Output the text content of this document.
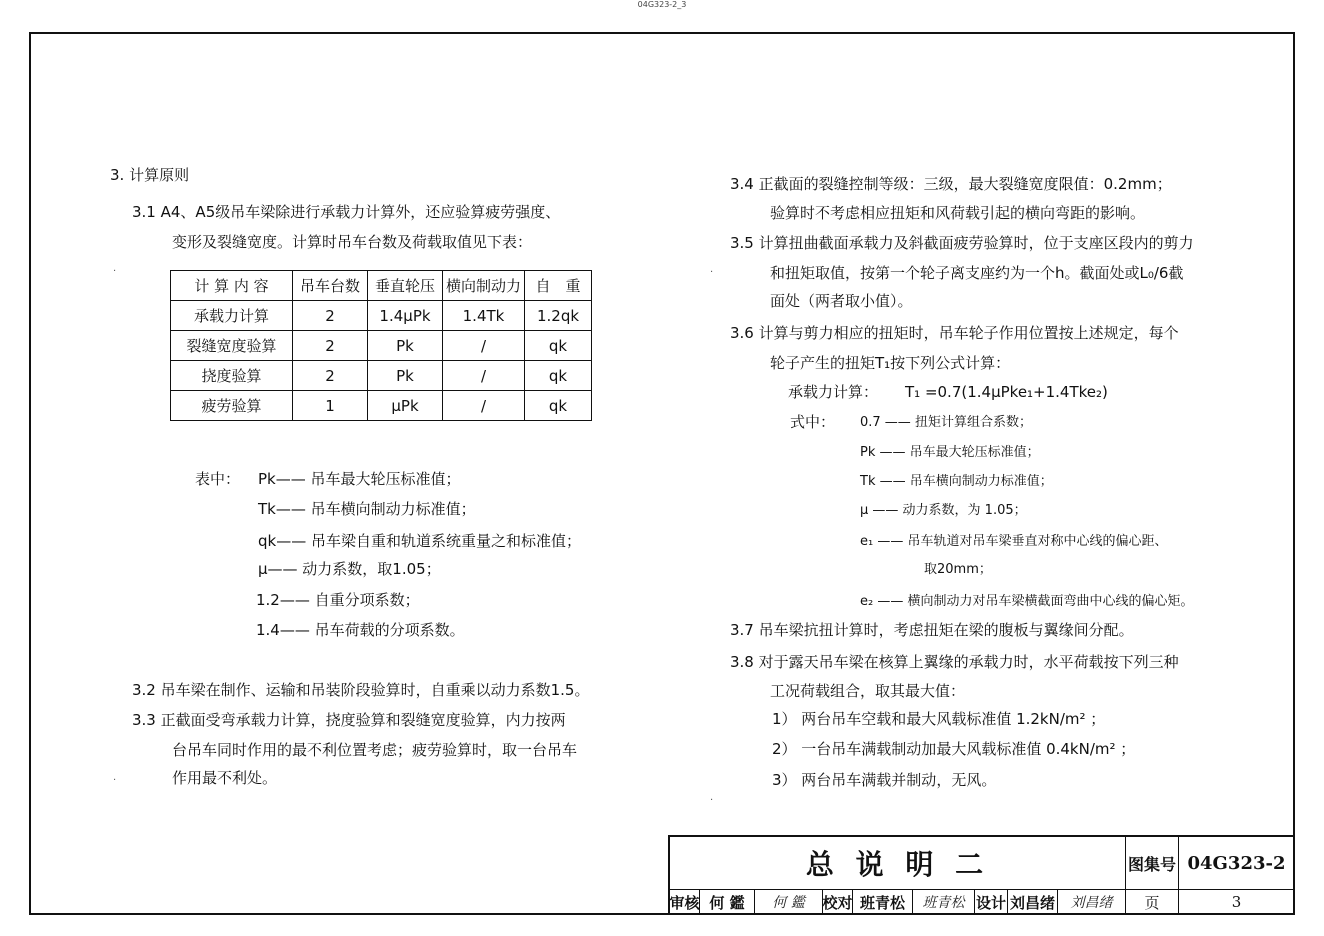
04G323-2_3
3. 计算原则
3.1 A4、A5级吊车梁除进行承载力计算外，还应验算疲劳强度、
变形及裂缝宽度。计算时吊车台数及荷载取值见下表：
计 算 内 容	吊车台数	垂直轮压	横向制动力	自　重
承载力计算	2	1.4μPk	1.4Tk	1.2qk
裂缝宽度验算	2	Pk	/	qk
挠度验算	2	Pk	/	qk
疲劳验算	1	μPk	/	qk
表中： Pk—— 吊车最大轮压标准值；
Tk—— 吊车横向制动力标准值；
qk—— 吊车梁自重和轨道系统重量之和标准值；
μ—— 动力系数，取1.05；
1.2—— 自重分项系数；
1.4—— 吊车荷载的分项系数。
3.2 吊车梁在制作、运输和吊装阶段验算时，自重乘以动力系数1.5。
3.3 正截面受弯承载力计算，挠度验算和裂缝宽度验算，内力按两
台吊车同时作用的最不利位置考虑；疲劳验算时，取一台吊车
作用最不利处。
3.4 正截面的裂缝控制等级：三级，最大裂缝宽度限值：0.2mm；
验算时不考虑相应扭矩和风荷载引起的横向弯距的影响。
3.5 计算扭曲截面承载力及斜截面疲劳验算时，位于支座区段内的剪力
和扭矩取值，按第一个轮子离支座约为一个h。截面处或L₀/6截
面处（两者取小值）。
3.6 计算与剪力相应的扭矩时，吊车轮子作用位置按上述规定，每个
轮子产生的扭矩T₁按下列公式计算：
承载力计算： T₁ =0.7(1.4μPke₁+1.4Tke₂)
式中： 0.7 —— 扭矩计算组合系数；
Pk —— 吊车最大轮压标准值；
Tk —— 吊车横向制动力标准值；
μ —— 动力系数，为 1.05；
e₁ —— 吊车轨道对吊车梁垂直对称中心线的偏心距、
取20mm；
e₂ —— 横向制动力对吊车梁横截面弯曲中心线的偏心矩。
3.7 吊车梁抗扭计算时，考虑扭矩在梁的腹板与翼缘间分配。
3.8 对于露天吊车梁在核算上翼缘的承载力时，水平荷载按下列三种
工况荷载组合，取其最大值：
1） 两台吊车空载和最大风载标准值 1.2kN/m² ；
2） 一台吊车满载制动加最大风载标准值 0.4kN/m² ；
3） 两台吊车满载并制动，无风。
·
·
·
·
总 说 明 二	图集号 04G323-2
审核 何 鑑	何 鑑	校对 班青松	班青松 设计 刘昌绪	刘昌绪	页	3
